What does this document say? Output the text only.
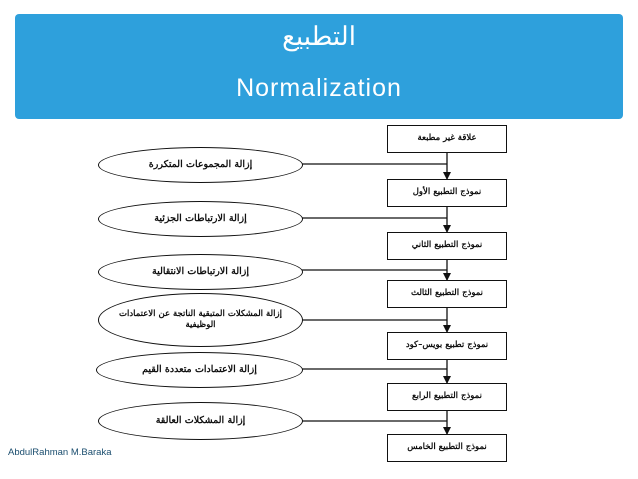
التطبيع
Normalization
علاقة غير مطبعة
نموذج التطبيع الأول
نموذج التطبيع الثاني
نموذج التطبيع الثالث
نموذج تطبيع بويس–كود
نموذج التطبيع الرابع
نموذج التطبيع الخامس
إزالة المجموعات المتكررة
إزالة الارتباطات الجزئية
إزالة الارتباطات الانتقالية
إزالة المشكلات المتبقية الناتجة عن الاعتمادات الوظيفية
إزالة الاعتمادات متعددة القيم
إزالة المشكلات العالقة
AbdulRahman M.Baraka
